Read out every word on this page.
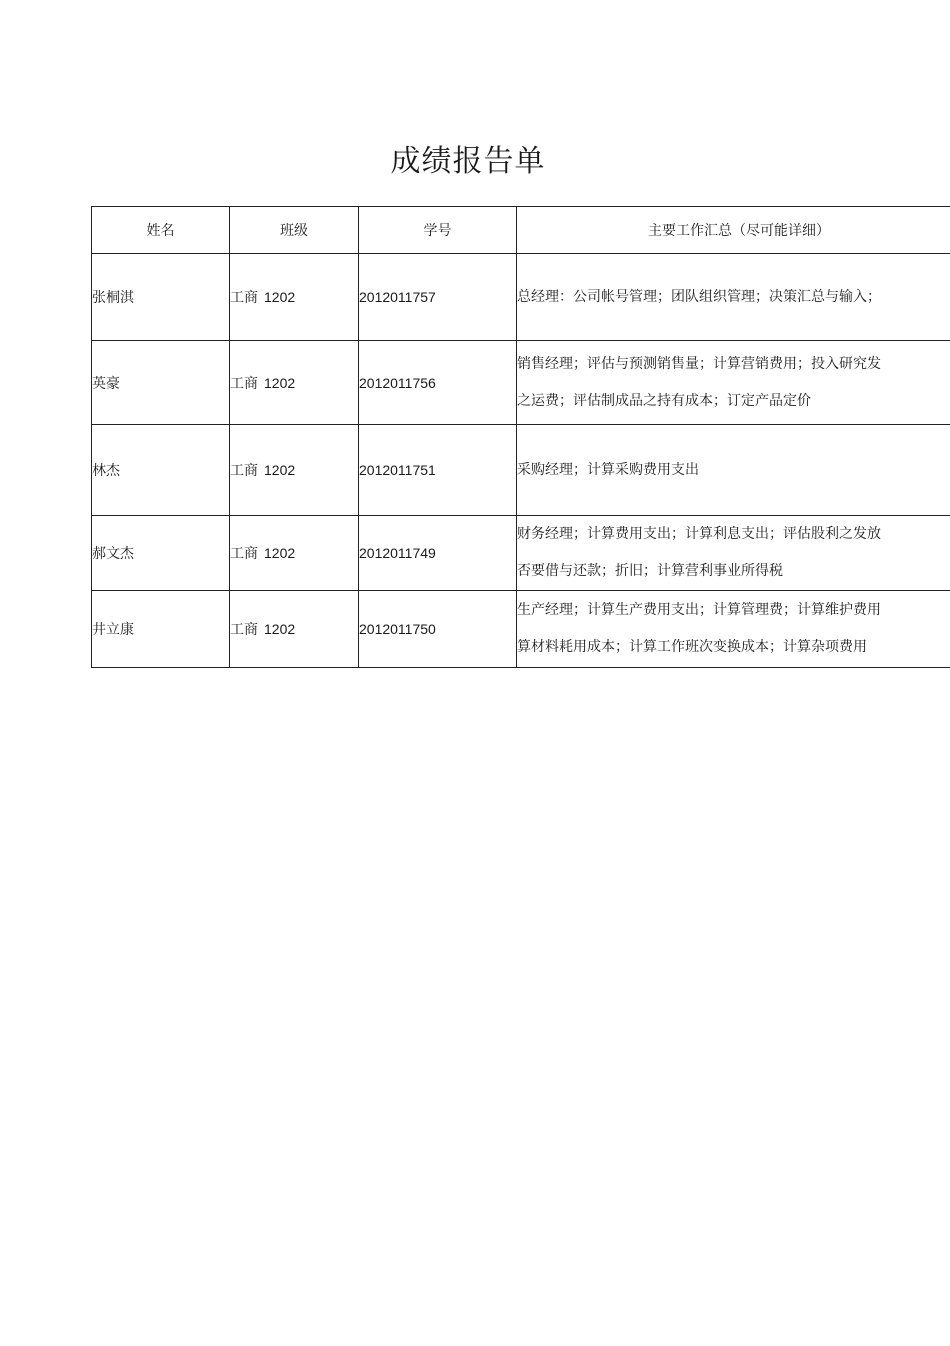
成绩报告单
姓名	班级	学号	主要工作汇总（尽可能详细）
张桐淇	工商 1202	2012011757	总经理：公司帐号管理；团队组织管理；决策汇总与输入；

英豪	工商 1202	2012011756	销售经理；评估与预测销售量；计算营销费用；投入研究发
之运费；评估制成品之持有成本；订定产品定价

林杰	工商 1202	2012011751	采购经理；计算采购费用支出

郝文杰	工商 1202	2012011749	财务经理；计算费用支出；计算利息支出；评估股利之发放
否要借与还款；折旧；计算营利事业所得税

井立康	工商 1202	2012011750	生产经理；计算生产费用支出；计算管理费；计算维护费用
算材料耗用成本；计算工作班次变换成本；计算杂项费用
